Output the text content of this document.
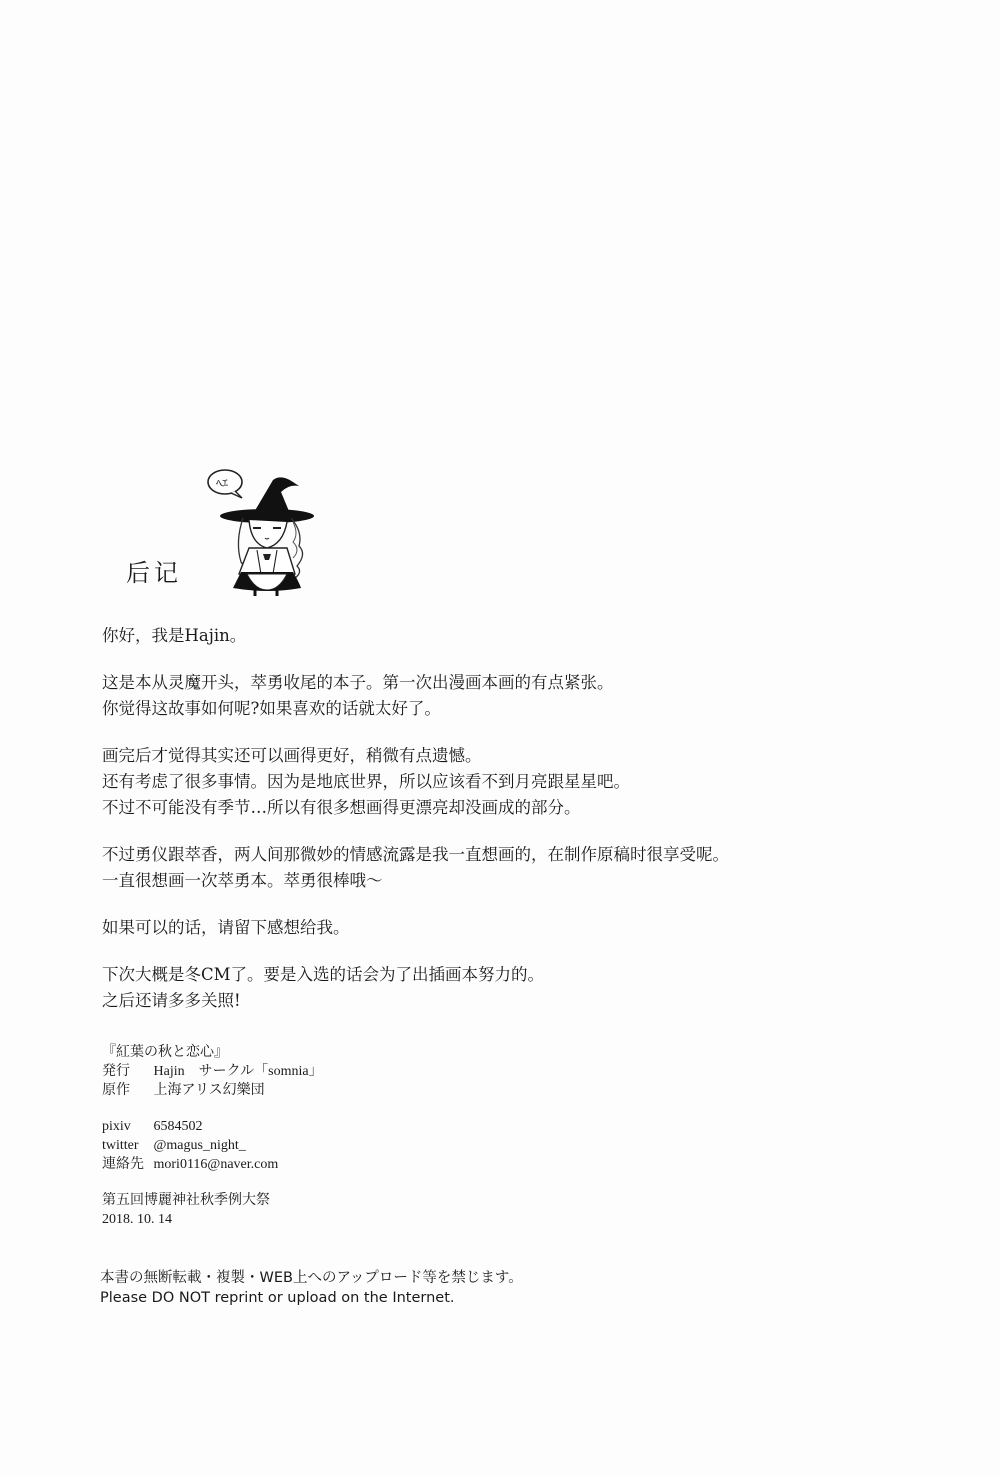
ﾍｴ
后记
你好，我是Hajin。
这是本从灵魔开头，萃勇收尾的本子。第一次出漫画本画的有点紧张。
你觉得这故事如何呢?如果喜欢的话就太好了。
画完后才觉得其实还可以画得更好，稍微有点遗憾。
还有考虑了很多事情。因为是地底世界，所以应该看不到月亮跟星星吧。
不过不可能没有季节…所以有很多想画得更漂亮却没画成的部分。
不过勇仪跟萃香，两人间那微妙的情感流露是我一直想画的，在制作原稿时很享受呢。
一直很想画一次萃勇本。萃勇很棒哦～
如果可以的话，请留下感想给我。
下次大概是冬CM了。要是入选的话会为了出插画本努力的。
之后还请多多关照!
『紅葉の秋と恋心』
発行 Hajin　サークル「somnia」
原作 上海アリス幻樂団
pixiv 6584502
twitter @magus_night_
連絡先 mori0116@naver.com
第五回博麗神社秋季例大祭
2018. 10. 14
本書の無断転載・複製・WEB上へのアップロード等を禁じます。
Please DO NOT reprint or upload on the Internet.
